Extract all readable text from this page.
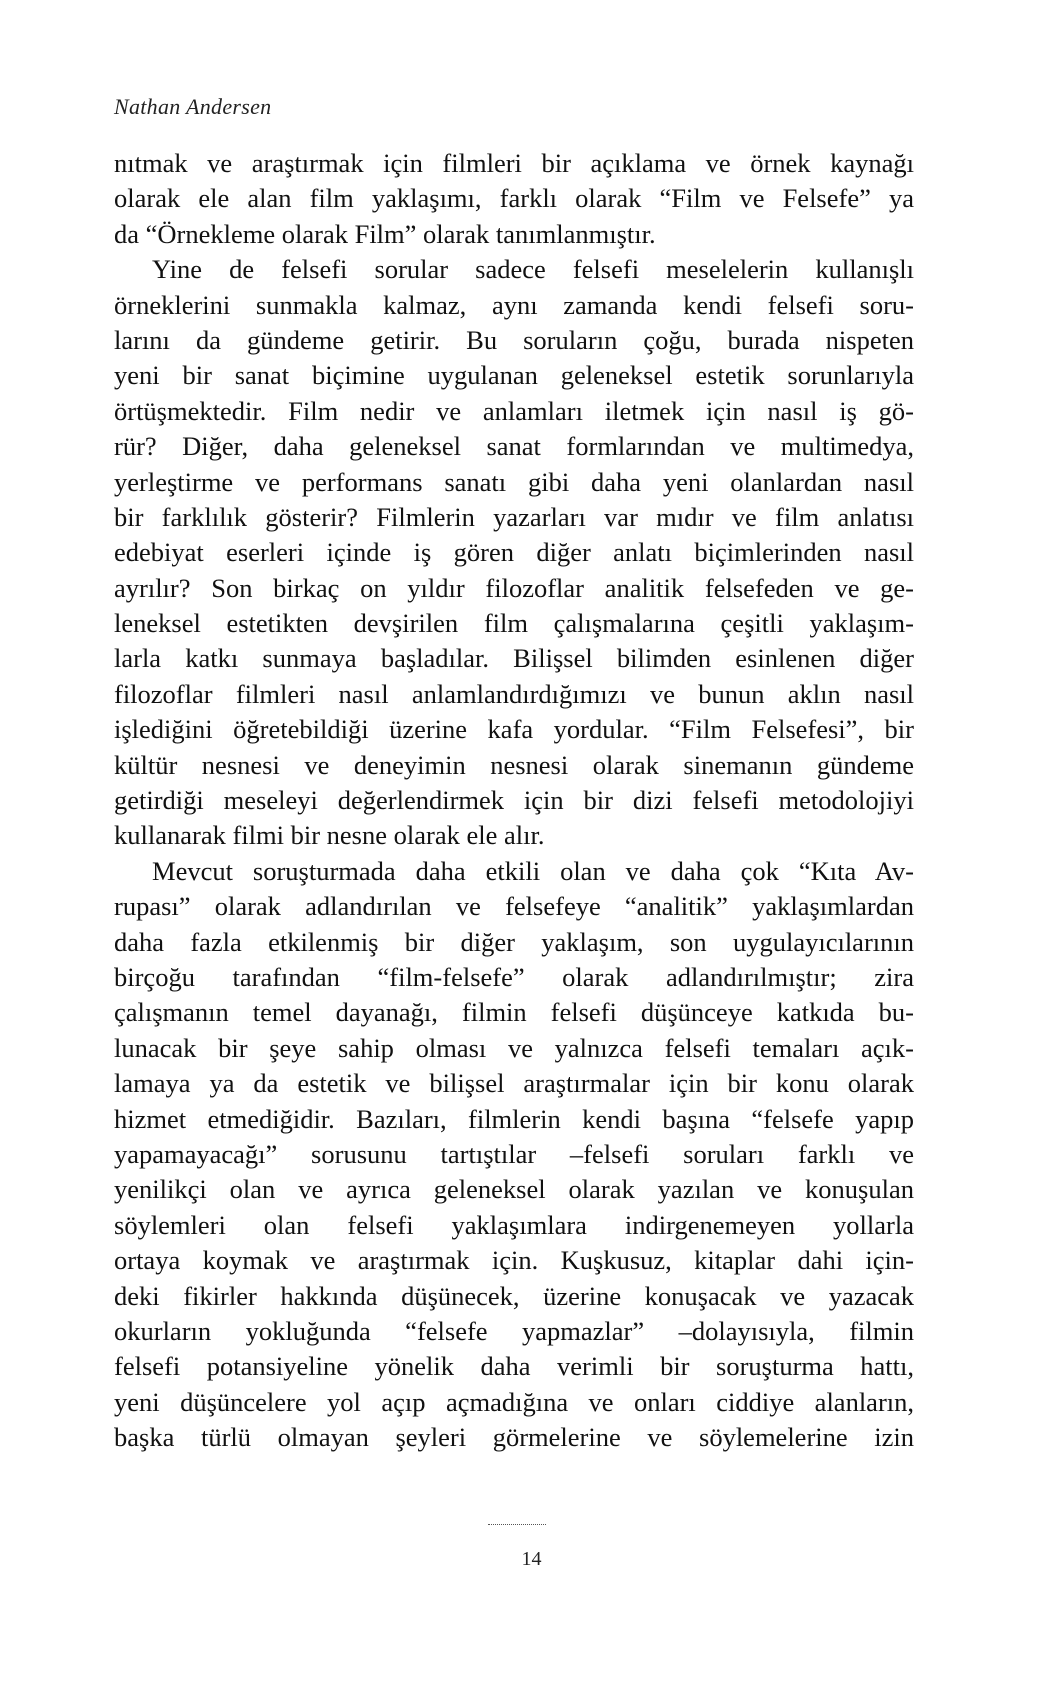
Nathan Andersen
nıtmak ve araştırmak için filmleri bir açıklama ve örnek kaynağı
olarak ele alan film yaklaşımı, farklı olarak “Film ve Felsefe” ya
da “Örnekleme olarak Film” olarak tanımlanmıştır.
Yine de felsefi sorular sadece felsefi meselelerin kullanışlı
örneklerini sunmakla kalmaz, aynı zamanda kendi felsefi soru-
larını da gündeme getirir. Bu soruların çoğu, burada nispeten
yeni bir sanat biçimine uygulanan geleneksel estetik sorunlarıyla
örtüşmektedir. Film nedir ve anlamları iletmek için nasıl iş gö-
rür? Diğer, daha geleneksel sanat formlarından ve multimedya,
yerleştirme ve performans sanatı gibi daha yeni olanlardan nasıl
bir farklılık gösterir? Filmlerin yazarları var mıdır ve film anlatısı
edebiyat eserleri içinde iş gören diğer anlatı biçimlerinden nasıl
ayrılır? Son birkaç on yıldır filozoflar analitik felsefeden ve ge-
leneksel estetikten devşirilen film çalışmalarına çeşitli yaklaşım-
larla katkı sunmaya başladılar. Bilişsel bilimden esinlenen diğer
filozoflar filmleri nasıl anlamlandırdığımızı ve bunun aklın nasıl
işlediğini öğretebildiği üzerine kafa yordular. “Film Felsefesi”, bir
kültür nesnesi ve deneyimin nesnesi olarak sinemanın gündeme
getirdiği meseleyi değerlendirmek için bir dizi felsefi metodolojiyi
kullanarak filmi bir nesne olarak ele alır.
Mevcut soruşturmada daha etkili olan ve daha çok “Kıta Av-
rupası” olarak adlandırılan ve felsefeye “analitik” yaklaşımlardan
daha fazla etkilenmiş bir diğer yaklaşım, son uygulayıcılarının
birçoğu tarafından “film-felsefe” olarak adlandırılmıştır; zira
çalışmanın temel dayanağı, filmin felsefi düşünceye katkıda bu-
lunacak bir şeye sahip olması ve yalnızca felsefi temaları açık-
lamaya ya da estetik ve bilişsel araştırmalar için bir konu olarak
hizmet etmediğidir. Bazıları, filmlerin kendi başına “felsefe yapıp
yapamayacağı” sorusunu tartıştılar –felsefi soruları farklı ve
yenilikçi olan ve ayrıca geleneksel olarak yazılan ve konuşulan
söylemleri olan felsefi yaklaşımlara indirgenemeyen yollarla
ortaya koymak ve araştırmak için. Kuşkusuz, kitaplar dahi için-
deki fikirler hakkında düşünecek, üzerine konuşacak ve yazacak
okurların yokluğunda “felsefe yapmazlar” –dolayısıyla, filmin
felsefi potansiyeline yönelik daha verimli bir soruşturma hattı,
yeni düşüncelere yol açıp açmadığına ve onları ciddiye alanların,
başka türlü olmayan şeyleri görmelerine ve söylemelerine izin
14
